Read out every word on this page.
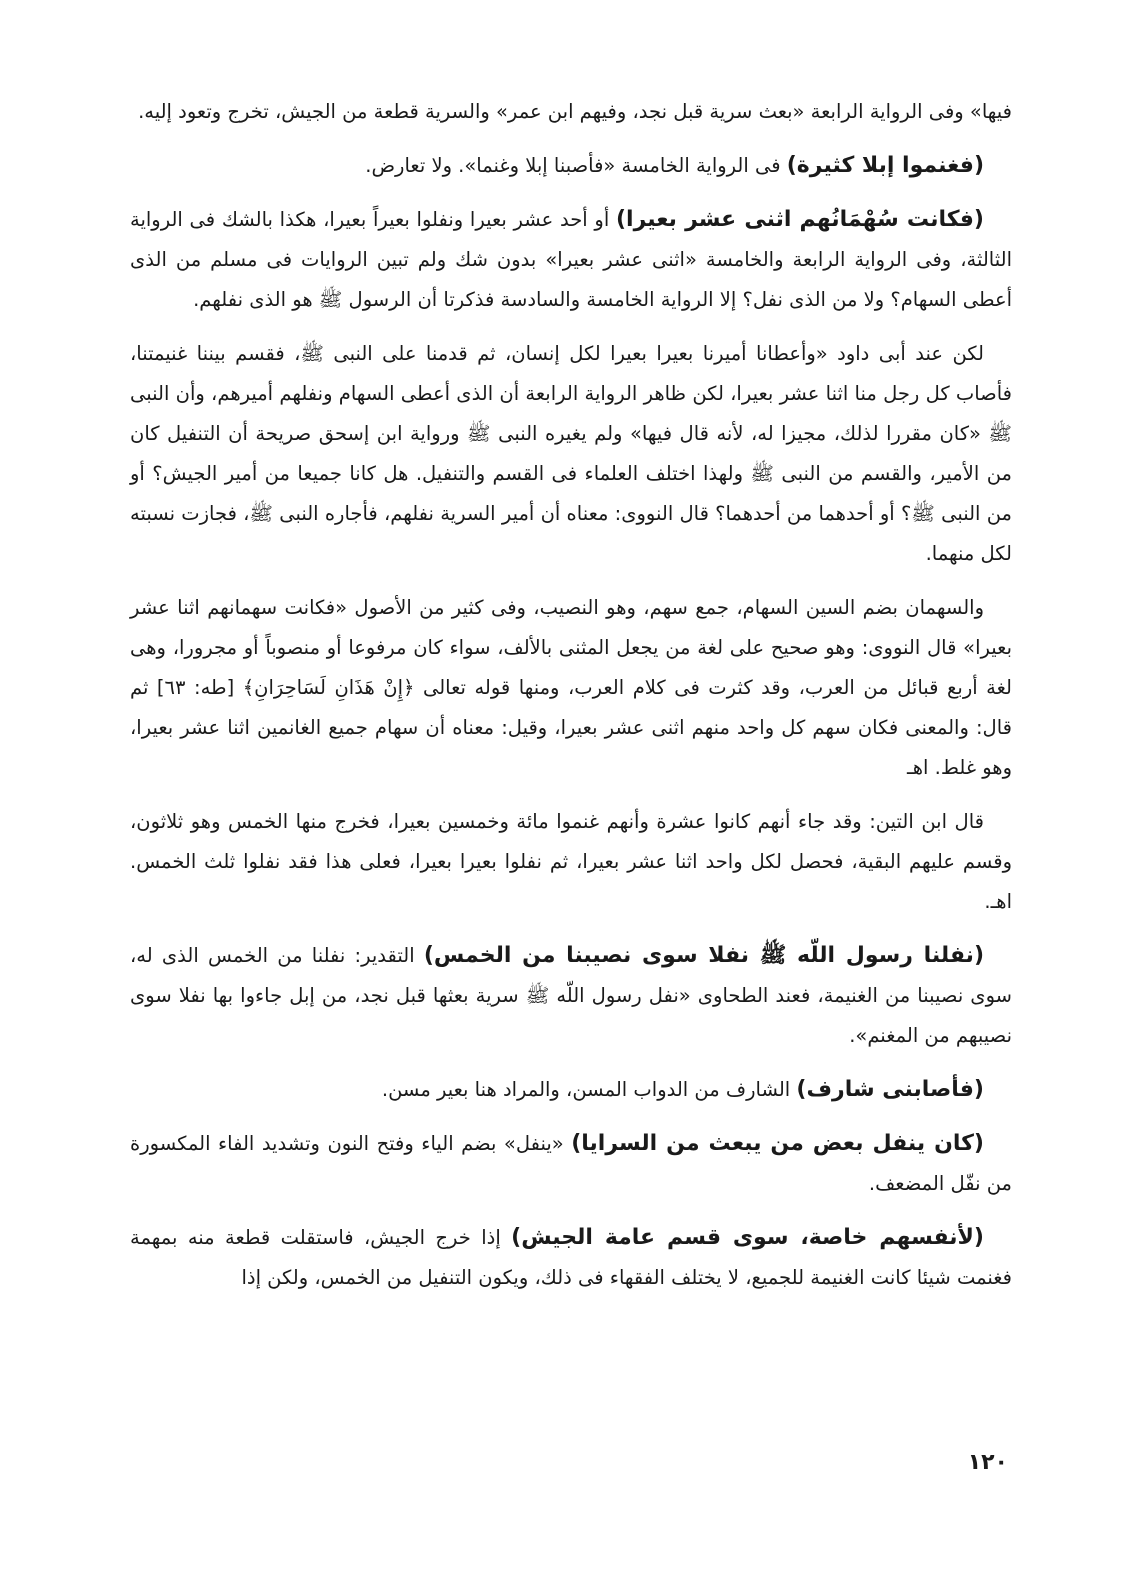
فيها» وفى الرواية الرابعة «بعث سرية قبل نجد، وفيهم ابن عمر» والسرية قطعة من الجيش، تخرج وتعود إليه.

(فغنموا إبلا كثيرة) فى الرواية الخامسة «فأصبنا إبلا وغنما». ولا تعارض.

(فكانت سُهْمَانُهم اثنى عشر بعيرا) أو أحد عشر بعيرا ونفلوا بعيراً بعيرا، هكذا بالشك فى الرواية الثالثة، وفى الرواية الرابعة والخامسة «اثنى عشر بعيرا» بدون شك ولم تبين الروايات فى مسلم من الذى أعطى السهام؟ ولا من الذى نفل؟ إلا الرواية الخامسة والسادسة فذكرتا أن الرسول ﷺ هو الذى نفلهم.

لكن عند أبى داود «وأعطانا أميرنا بعيرا بعيرا لكل إنسان، ثم قدمنا على النبى ﷺ، فقسم بيننا غنيمتنا، فأصاب كل رجل منا اثنا عشر بعيرا، لكن ظاهر الرواية الرابعة أن الذى أعطى السهام ونفلهم أميرهم، وأن النبى ﷺ «كان مقررا لذلك، مجيزا له، لأنه قال فيها» ولم يغيره النبى ﷺ ورواية ابن إسحق صريحة أن التنفيل كان من الأمير، والقسم من النبى ﷺ ولهذا اختلف العلماء فى القسم والتنفيل. هل كانا جميعا من أمير الجيش؟ أو من النبى ﷺ؟ أو أحدهما من أحدهما؟ قال النووى: معناه أن أمير السرية نفلهم، فأجاره النبى ﷺ، فجازت نسبته لكل منهما.

والسهمان بضم السين السهام، جمع سهم، وهو النصيب، وفى كثير من الأصول «فكانت سهمانهم اثنا عشر بعيرا» قال النووى: وهو صحيح على لغة من يجعل المثنى بالألف، سواء كان مرفوعا أو منصوباً أو مجرورا، وهى لغة أربع قبائل من العرب، وقد كثرت فى كلام العرب، ومنها قوله تعالى ﴿إِنْ هَذَانِ لَسَاحِرَانِ﴾ [طه: ٦٣] ثم قال: والمعنى فكان سهم كل واحد منهم اثنى عشر بعيرا، وقيل: معناه أن سهام جميع الغانمين اثنا عشر بعيرا، وهو غلط. اهـ

قال ابن التين: وقد جاء أنهم كانوا عشرة وأنهم غنموا مائة وخمسين بعيرا، فخرج منها الخمس وهو ثلاثون، وقسم عليهم البقية، فحصل لكل واحد اثنا عشر بعيرا، ثم نفلوا بعيرا بعيرا، فعلى هذا فقد نفلوا ثلث الخمس. اهـ.

(نفلنا رسول اللّه ﷺ نفلا سوى نصيبنا من الخمس) التقدير: نفلنا من الخمس الذى له، سوى نصيبنا من الغنيمة، فعند الطحاوى «نفل رسول اللّه ﷺ سرية بعثها قبل نجد، من إبل جاءوا بها نفلا سوى نصيبهم من المغنم».

(فأصابنى شارف) الشارف من الدواب المسن، والمراد هنا بعير مسن.

(كان ينفل بعض من يبعث من السرايا) «ينفل» بضم الياء وفتح النون وتشديد الفاء المكسورة من نفّل المضعف.

(لأنفسهم خاصة، سوى قسم عامة الجيش) إذا خرج الجيش، فاستقلت قطعة منه بمهمة فغنمت شيئا كانت الغنيمة للجميع، لا يختلف الفقهاء فى ذلك، ويكون التنفيل من الخمس، ولكن إذا

١٢٠
